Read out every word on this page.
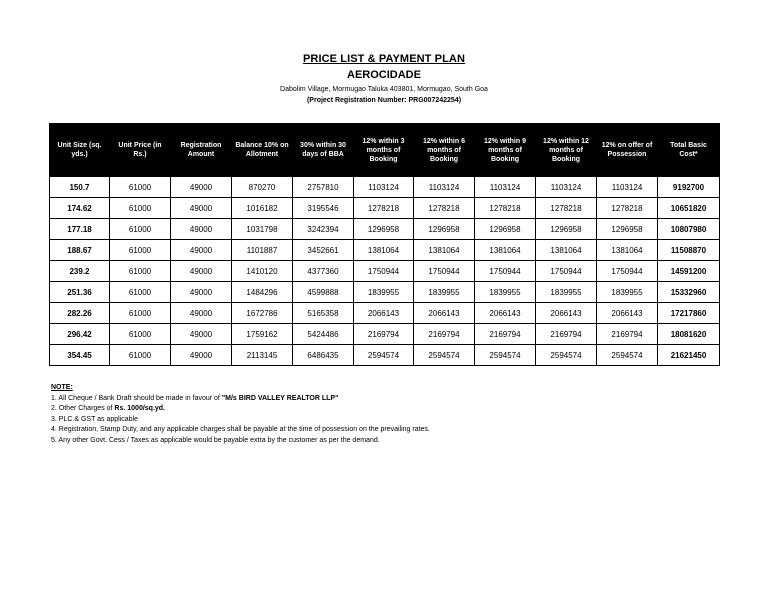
PRICE LIST & PAYMENT PLAN
AEROCIDADE
Dabolim Village, Mormugao Taluka 403801, Mormugao, South Goa
(Project Registration Number: PRG007242254)
Unit Size (sq. yds.)	Unit Price (in Rs.)	Registration Amount	Balance 10% on Allotment	30% within 30 days of BBA	12% within 3 months of Booking	12% within 6 months of Booking	12% within 9 months of Booking	12% within 12 months of Booking	12% on offer of Possession	Total Basic Cost*
150.7	61000	49000	870270	2757810	1103124	1103124	1103124	1103124	1103124	9192700
174.62	61000	49000	1016182	3195546	1278218	1278218	1278218	1278218	1278218	10651820
177.18	61000	49000	1031798	3242394	1296958	1296958	1296958	1296958	1296958	10807980
188.67	61000	49000	1101887	3452661	1381064	1381064	1381064	1381064	1381064	11508870
239.2	61000	49000	1410120	4377360	1750944	1750944	1750944	1750944	1750944	14591200
251.36	61000	49000	1484296	4599888	1839955	1839955	1839955	1839955	1839955	15332960
282.26	61000	49000	1672786	5165358	2066143	2066143	2066143	2066143	2066143	17217860
296.42	61000	49000	1759162	5424486	2169794	2169794	2169794	2169794	2169794	18081620
354.45	61000	49000	2113145	6486435	2594574	2594574	2594574	2594574	2594574	21621450
NOTE:
1. All Cheque / Bank Draft should be made in favour of "M/s BIRD VALLEY REALTOR LLP"
2. Other Charges of Rs. 1000/sq.yd.
3. PLC & GST as applicable
4. Registration, Stamp Duty, and any applicable charges shall be payable at the time of possession on the prevailing rates.
5. Any other Govt. Cess / Taxes as applicable would be payable extra by the customer as per the demand.
